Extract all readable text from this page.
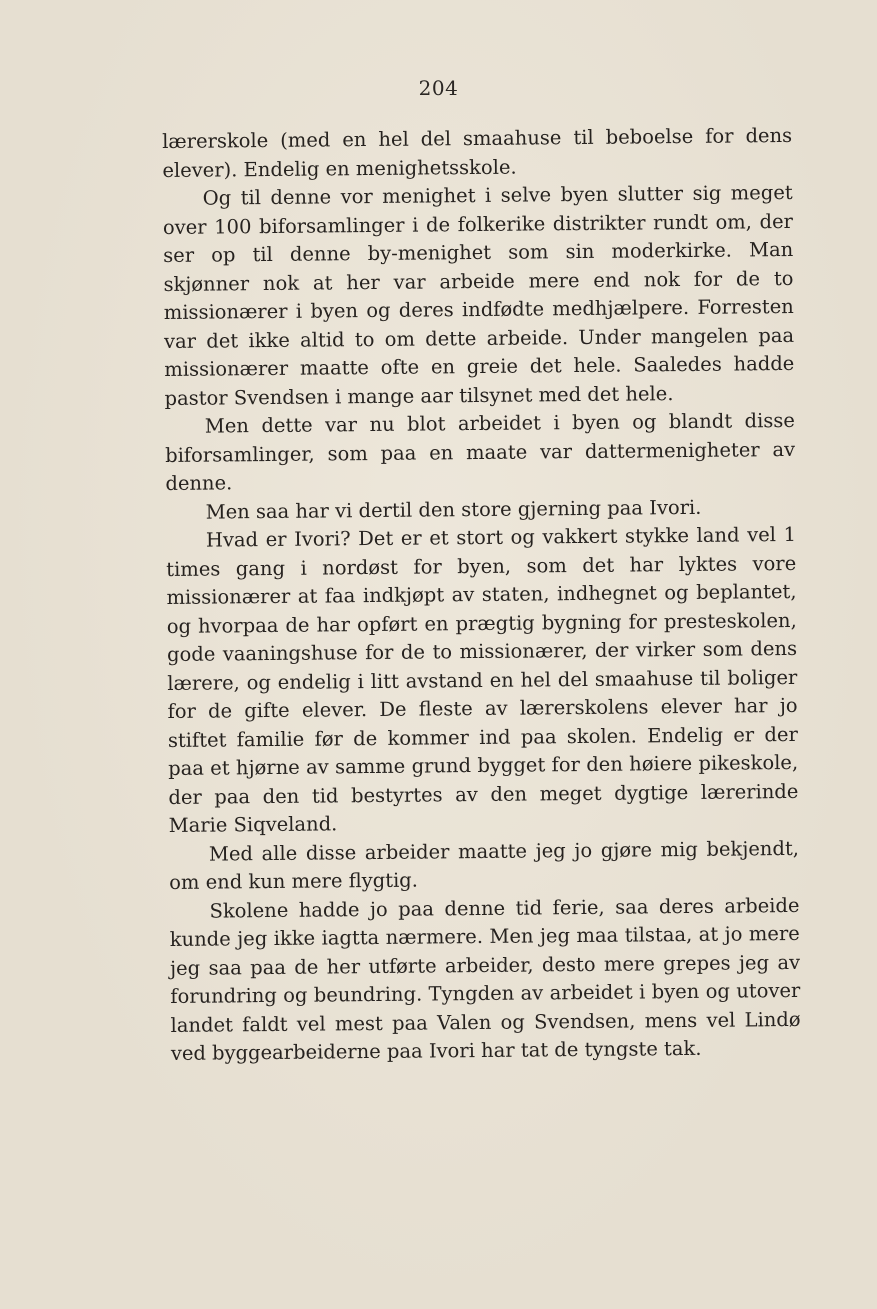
204

lærerskole (med en hel del smaahuse til beboelse for dens elever). Endelig en menighetsskole.

Og til denne vor menighet i selve byen slutter sig meget over 100 biforsamlinger i de folkerike distrikter rundt om, der ser op til denne by-menighet som sin moderkirke. Man skjønner nok at her var arbeide mere end nok for de to missionærer i byen og deres indfødte medhjælpere. Forresten var det ikke altid to om dette arbeide. Under mangelen paa missionærer maatte ofte en greie det hele. Saaledes hadde pastor Svendsen i mange aar tilsynet med det hele.

Men dette var nu blot arbeidet i byen og blandt disse biforsamlinger, som paa en maate var dattermenigheter av denne.

Men saa har vi dertil den store gjerning paa Ivori.

Hvad er Ivori? Det er et stort og vakkert stykke land vel 1 times gang i nordøst for byen, som det har lyktes vore missionærer at faa indkjøpt av staten, indhegnet og beplantet, og hvorpaa de har opført en prægtig bygning for presteskolen, gode vaaningshuse for de to missionærer, der virker som dens lærere, og endelig i litt avstand en hel del smaahuse til boliger for de gifte elever. De fleste av lærerskolens elever har jo stiftet familie før de kommer ind paa skolen. Endelig er der paa et hjørne av samme grund bygget for den høiere pikeskole, der paa den tid bestyrtes av den meget dygtige lærerinde Marie Siqveland.

Med alle disse arbeider maatte jeg jo gjøre mig bekjendt, om end kun mere flygtig.

Skolene hadde jo paa denne tid ferie, saa deres arbeide kunde jeg ikke iagtta nærmere. Men jeg maa tilstaa, at jo mere jeg saa paa de her utførte arbeider, desto mere grepes jeg av forundring og beundring. Tyngden av arbeidet i byen og utover landet faldt vel mest paa Valen og Svendsen, mens vel Lindø ved byggearbeiderne paa Ivori har tat de tyngste tak.
